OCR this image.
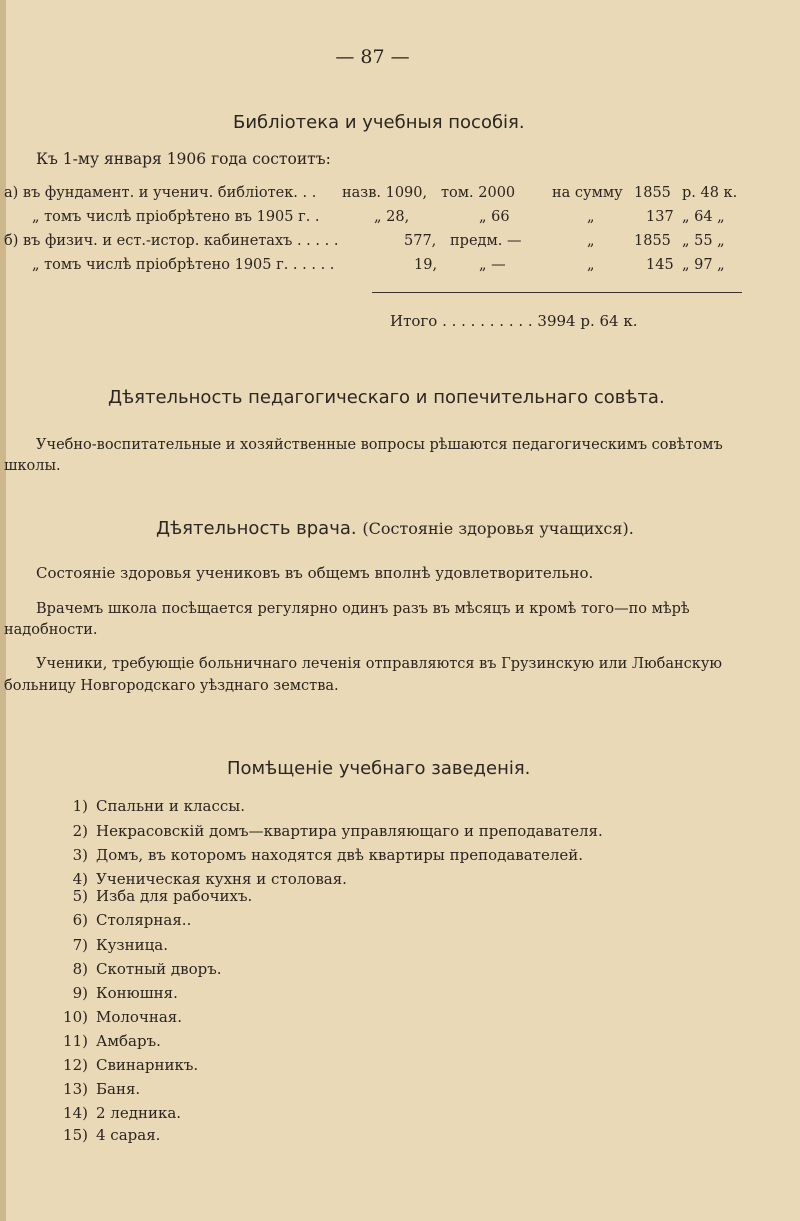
— 87 —
Библіотека и учебныя пособія.
Къ 1-му января 1906 года состоитъ:
а) въ фундамент. и ученич. библіотек. . . назв. 1090, том. 2000	на сумму 1855 р. 48 к.
„ томъ числѣ пріобрѣтено въ 1905 г. .	„ 28,	„ 66	„	137 „ 64 „
б) въ физич. и ест.-истор. кабинетахъ . . . . .	577, предм. —	„	1855 „ 55 „
„ томъ числѣ пріобрѣтено 1905 г. . . . . .	19,	„ —	„	145 „ 97 „
Итого . . . . . . . . . . 3994 р. 64 к.
Дѣятельность педагогическаго и попечительнаго совѣта.
Учебно-воспитательные и хозяйственные вопросы рѣшаются педагогическимъ совѣтомъ
школы.
Дѣятельность врача. (Состояніе здоровья учащихся).
Состояніе здоровья учениковъ въ общемъ вполнѣ удовлетворительно.
Врачемъ школа посѣщается регулярно одинъ разъ въ мѣсяцъ и кромѣ того—по мѣрѣ
надобности.
Ученики, требующіе больничнаго леченія отправляются въ Грузинскую или Любанскую
больницу Новгородскаго уѣзднаго земства.
Помѣщеніе учебнаго заведенія.
1) Спальни и классы.
2) Некрасовскій домъ—квартира управляющаго и преподавателя.
3) Домъ, въ которомъ находятся двѣ квартиры преподавателей.
4) Ученическая кухня и столовая.
5) Изба для рабочихъ.
6) Столярная..
7) Кузница.
8) Скотный дворъ.
9) Конюшня.
10) Молочная.
11) Амбаръ.
12) Свинарникъ.
13) Баня.
14) 2 ледника.
15) 4 сарая.
